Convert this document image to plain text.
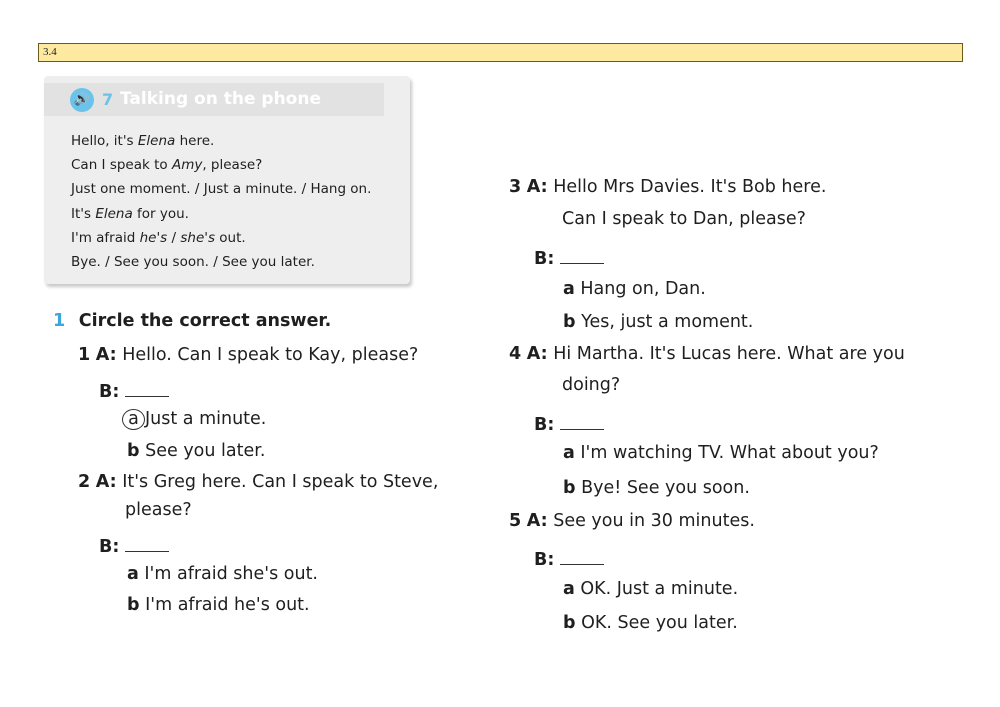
3.4
🔊 7 Talking on the phone
Hello, it's Elena here.
Can I speak to Amy, please?
Just one moment. / Just a minute. / Hang on.
It's Elena for you.
I'm afraid he's / she's out.
Bye. / See you soon. / See you later.
1 Circle the correct answer.
1 A: Hello. Can I speak to Kay, please?
B:
a Just a minute.
b See you later.
2 A: It's Greg here. Can I speak to Steve,
please?
B:
a I'm afraid she's out.
b I'm afraid he's out.
3 A: Hello Mrs Davies. It's Bob here.
Can I speak to Dan, please?
B:
a Hang on, Dan.
b Yes, just a moment.
4 A: Hi Martha. It's Lucas here. What are you
doing?
B:
a I'm watching TV. What about you?
b Bye! See you soon.
5 A: See you in 30 minutes.
B:
a OK. Just a minute.
b OK. See you later.
